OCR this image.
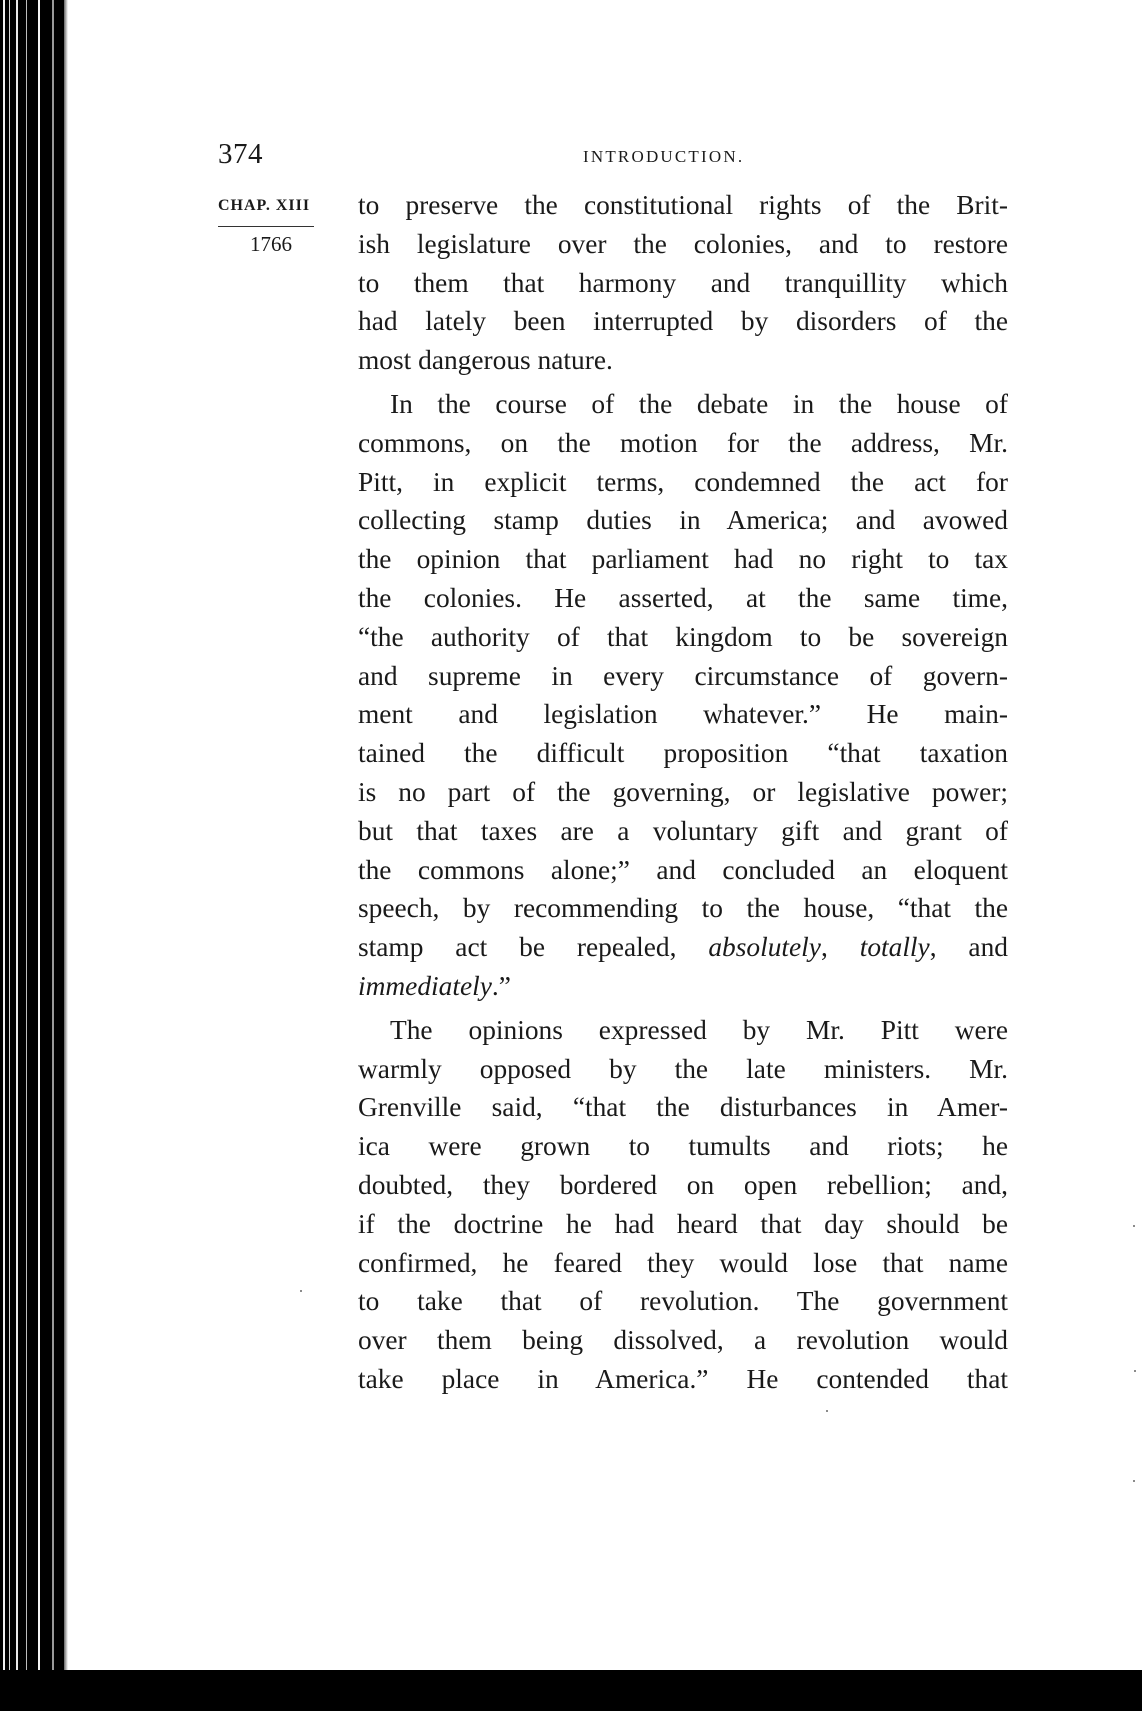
374	INTRODUCTION.
CHAP. XIII
1766

to preserve the constitutional rights of the Brit-
ish legislature over the colonies, and to restore
to them that harmony and tranquillity which
had lately been interrupted by disorders of the
most dangerous nature.

In the course of the debate in the house of
commons, on the motion for the address, Mr.
Pitt, in explicit terms, condemned the act for
collecting stamp duties in America; and avowed
the opinion that parliament had no right to tax
the colonies. He asserted, at the same time,
“the authority of that kingdom to be sovereign
and supreme in every circumstance of govern-
ment and legislation whatever.” He main-
tained the difficult proposition “that taxation
is no part of the governing, or legislative power;
but that taxes are a voluntary gift and grant of
the commons alone;” and concluded an eloquent
speech, by recommending to the house, “that the
stamp act be repealed, absolutely, totally, and
immediately.”

The opinions expressed by Mr. Pitt were
warmly opposed by the late ministers. Mr.
Grenville said, “that the disturbances in Amer-
ica were grown to tumults and riots; he
doubted, they bordered on open rebellion; and,
if the doctrine he had heard that day should be
confirmed, he feared they would lose that name
to take that of revolution. The government
over them being dissolved, a revolution would
take place in America.” He contended that
